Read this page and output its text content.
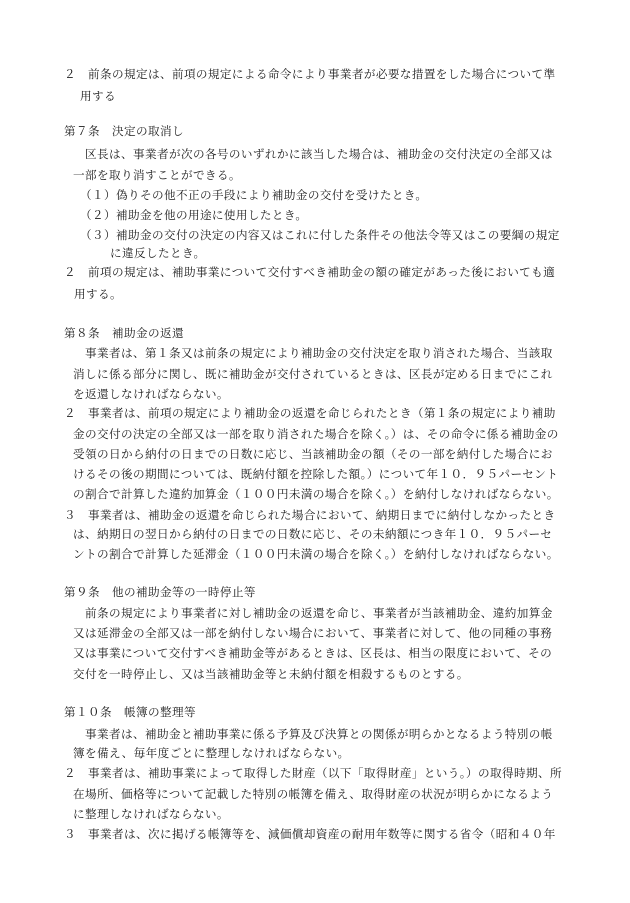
２　前条の規定は、前項の規定による命令により事業者が必要な措置をした場合について準

用する

第７条　決定の取消し

区長は、事業者が次の各号のいずれかに該当した場合は、補助金の交付決定の全部又は

一部を取り消すことができる。

（１）偽りその他不正の手段により補助金の交付を受けたとき。

（２）補助金を他の用途に使用したとき。

（３）補助金の交付の決定の内容又はこれに付した条件その他法令等又はこの要綱の規定

に違反したとき。

２　前項の規定は、補助事業について交付すべき補助金の額の確定があった後においても適

用する。

第８条　補助金の返還

事業者は、第１条又は前条の規定により補助金の交付決定を取り消された場合、当該取

消しに係る部分に関し、既に補助金が交付されているときは、区長が定める日までにこれ

を返還しなければならない。

２　事業者は、前項の規定により補助金の返還を命じられたとき（第１条の規定により補助

金の交付の決定の全部又は一部を取り消された場合を除く。）は、その命令に係る補助金の

受領の日から納付の日までの日数に応じ、当該補助金の額（その一部を納付した場合にお

けるその後の期間については、既納付額を控除した額。）について年１０．９５パーセント

の割合で計算した違約加算金（１００円未満の場合を除く。）を納付しなければならない。

３　事業者は、補助金の返還を命じられた場合において、納期日までに納付しなかったとき

は、納期日の翌日から納付の日までの日数に応じ、その未納額につき年１０．９５パーセ

ントの割合で計算した延滞金（１００円未満の場合を除く。）を納付しなければならない。

第９条　他の補助金等の一時停止等

前条の規定により事業者に対し補助金の返還を命じ、事業者が当該補助金、違約加算金

又は延滞金の全部又は一部を納付しない場合において、事業者に対して、他の同種の事務

又は事業について交付すべき補助金等があるときは、区長は、相当の限度において、その

交付を一時停止し、又は当該補助金等と未納付額を相殺するものとする。

第１０条　帳簿の整理等

事業者は、補助金と補助事業に係る予算及び決算との関係が明らかとなるよう特別の帳

簿を備え、毎年度ごとに整理しなければならない。

２　事業者は、補助事業によって取得した財産（以下「取得財産」という。）の取得時期、所

在場所、価格等について記載した特別の帳簿を備え、取得財産の状況が明らかになるよう

に整理しなければならない。

３　事業者は、次に掲げる帳簿等を、減価償却資産の耐用年数等に関する省令（昭和４０年
